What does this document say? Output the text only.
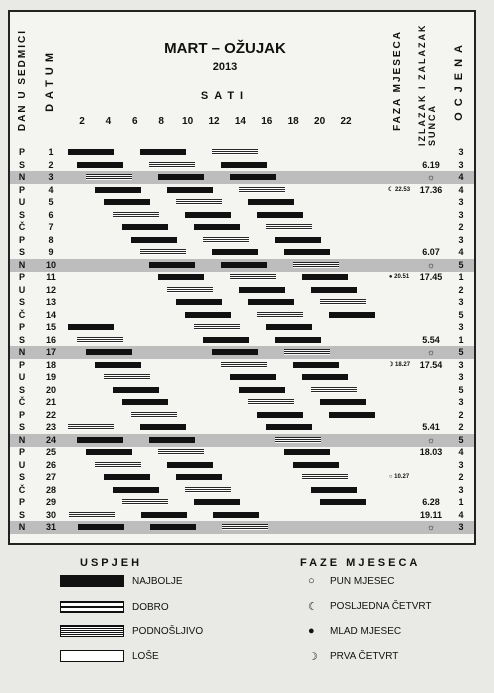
DAN U SEDMICI DATUM	FAZA MJESECA IZLAZAK I ZALAZAK SUNCA
OCJENA
MART – OŽUJAK
2013
SATI
2	4	6	8	10	12	14	16	18	20	22
P	1	3
S	2	6.19	3
N	3	☼	4
P	4	☾ 22.53	17.36	4
U	5	3
S	6	3
Č	7	2
P	8	3
S	9	6.07	4
N	10	☼	5
P	11	● 20.51	17.45	1
U	12	2
S	13	3
Č	14	5
P	15	3
S	16	5.54	1
N	17	☼	5
P	18	☽ 18.27	17.54	3
U	19	3
S	20	5
Č	21	3
P	22	2
S	23	5.41	2
N	24	☼	5
P	25	18.03	4
U	26	3
S	27	○ 10.27	2
Č	28	3
P	29	6.28	1
S	30	19.11	4
N	31	☼	3
USPJEH
NAJBOLJE
DOBRO
PODNOŠLJIVO
LOŠE
FAZE MJESECA
○ PUN MJESEC
☾ POSLJEDNA ČETVRT
● MLAD MJESEC
☽ PRVA ČETVRT
